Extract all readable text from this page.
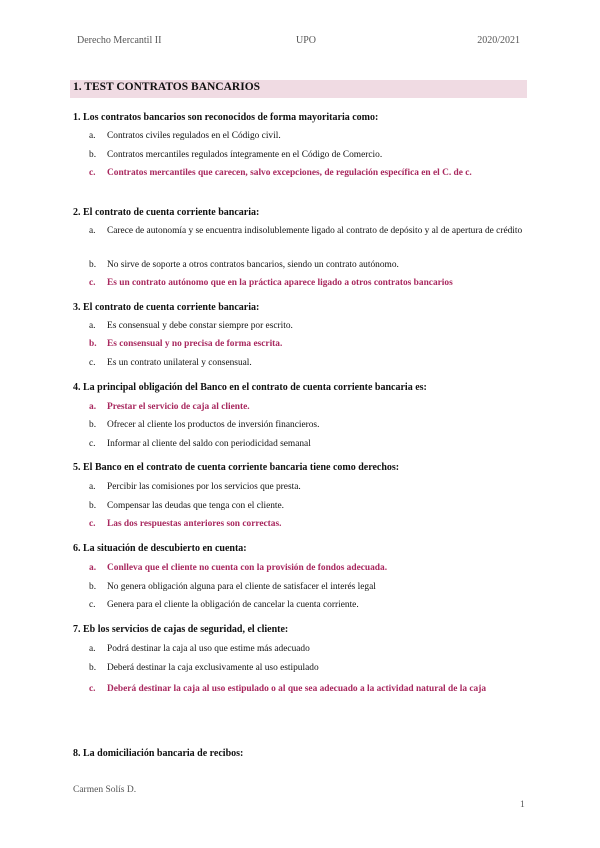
Derecho Mercantil II	UPO	2020/2021
1. TEST CONTRATOS BANCARIOS
1. Los contratos bancarios son reconocidos de forma mayoritaria como:
a. Contratos civiles regulados en el Código civil.
b. Contratos mercantiles regulados íntegramente en el Código de Comercio.
c. Contratos mercantiles que carecen, salvo excepciones, de regulación específica en el C. de c.
2. El contrato de cuenta corriente bancaria:
a. Carece de autonomía y se encuentra indisolublemente ligado al contrato de depósito y al de apertura de crédito
b. No sirve de soporte a otros contratos bancarios, siendo un contrato autónomo.
c. Es un contrato autónomo que en la práctica aparece ligado a otros contratos bancarios
3. El contrato de cuenta corriente bancaria:
a. Es consensual y debe constar siempre por escrito.
b. Es consensual y no precisa de forma escrita.
c. Es un contrato unilateral y consensual.
4. La principal obligación del Banco en el contrato de cuenta corriente bancaria es:
a. Prestar el servicio de caja al cliente.
b. Ofrecer al cliente los productos de inversión financieros.
c. Informar al cliente del saldo con periodicidad semanal
5. El Banco en el contrato de cuenta corriente bancaria tiene como derechos:
a. Percibir las comisiones por los servicios que presta.
b. Compensar las deudas que tenga con el cliente.
c. Las dos respuestas anteriores son correctas.
6. La situación de descubierto en cuenta:
a. Conlleva que el cliente no cuenta con la provisión de fondos adecuada.
b. No genera obligación alguna para el cliente de satisfacer el interés legal
c. Genera para el cliente la obligación de cancelar la cuenta corriente.
7. Eb los servicios de cajas de seguridad, el cliente:
a. Podrá destinar la caja al uso que estime más adecuado
b. Deberá destinar la caja exclusivamente al uso estipulado
c. Deberá destinar la caja al uso estipulado o al que sea adecuado a la actividad natural de la caja
8. La domiciliación bancaria de recibos:
Carmen Solís D.
1
